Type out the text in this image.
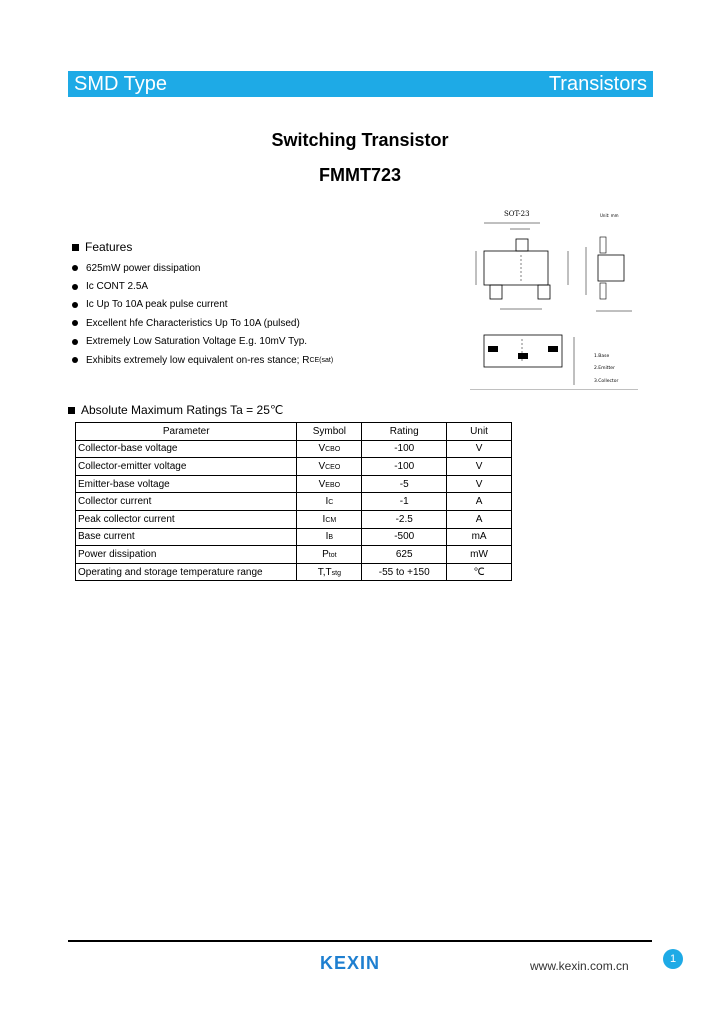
SMD Type	Transistors
Switching Transistor
FMMT723
Features
625mW power dissipation
Ic CONT 2.5A
Ic Up To 10A peak pulse current
Excellent hfe Characteristics Up To 10A (pulsed)
Extremely Low Saturation Voltage E.g. 10mV Typ.
Exhibits extremely low equivalent on-res stance; R CE(sat)
SOT-23	Unit: mm
1.Base
2.Emitter
3.Collector
Absolute Maximum Ratings Ta = 25℃
Parameter	Symbol	Rating	Unit
Collector-base voltage	VCBO	-100	V
Collector-emitter voltage	VCEO	-100	V
Emitter-base voltage	VEBO	-5	V
Collector current	IC	-1	A
Peak collector current	ICM	-2.5	A
Base current	IB	-500	mA
Power dissipation	Ptot	625	mW
Operating and storage temperature range	T,Tstg	-55 to +150	℃
KEXIN	www.kexin.com.cn	1
